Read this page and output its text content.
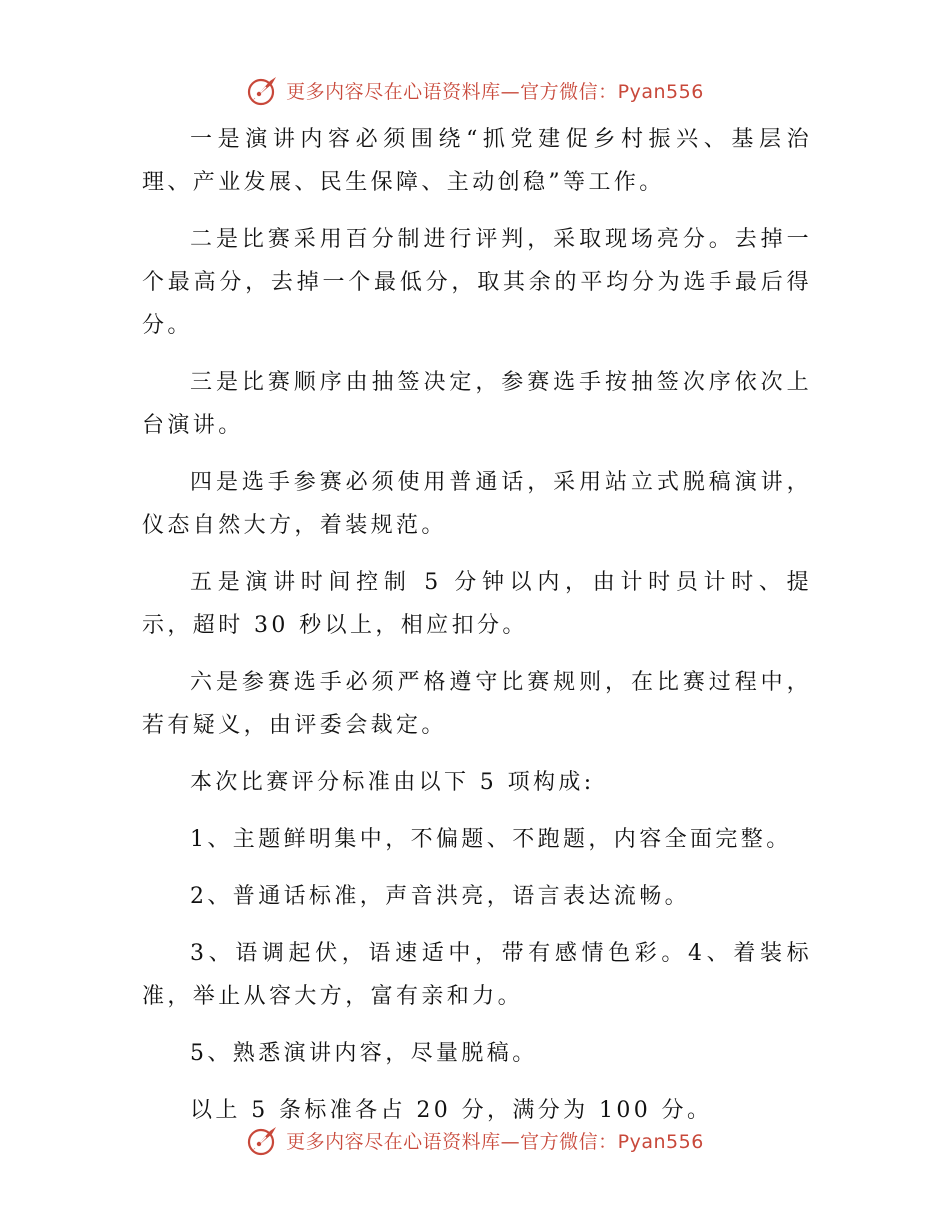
更多内容尽在心语资料库—官方微信：Pyan556

一是演讲内容必须围绕“抓党建促乡村振兴、基层治理、产业发展、民生保障、主动创稳”等工作。

二是比赛采用百分制进行评判，采取现场亮分。去掉一个最高分，去掉一个最低分，取其余的平均分为选手最后得分。

三是比赛顺序由抽签决定，参赛选手按抽签次序依次上台演讲。

四是选手参赛必须使用普通话，采用站立式脱稿演讲，仪态自然大方，着装规范。

五是演讲时间控制 5 分钟以内，由计时员计时、提示，超时 30 秒以上，相应扣分。

六是参赛选手必须严格遵守比赛规则，在比赛过程中，若有疑义，由评委会裁定。

本次比赛评分标准由以下 5 项构成:

1、主题鲜明集中，不偏题、不跑题，内容全面完整。

2、普通话标准，声音洪亮，语言表达流畅。

3、语调起伏，语速适中，带有感情色彩。4、着装标准，举止从容大方，富有亲和力。

5、熟悉演讲内容，尽量脱稿。

以上 5 条标准各占 20 分，满分为 100 分。

更多内容尽在心语资料库—官方微信：Pyan556
